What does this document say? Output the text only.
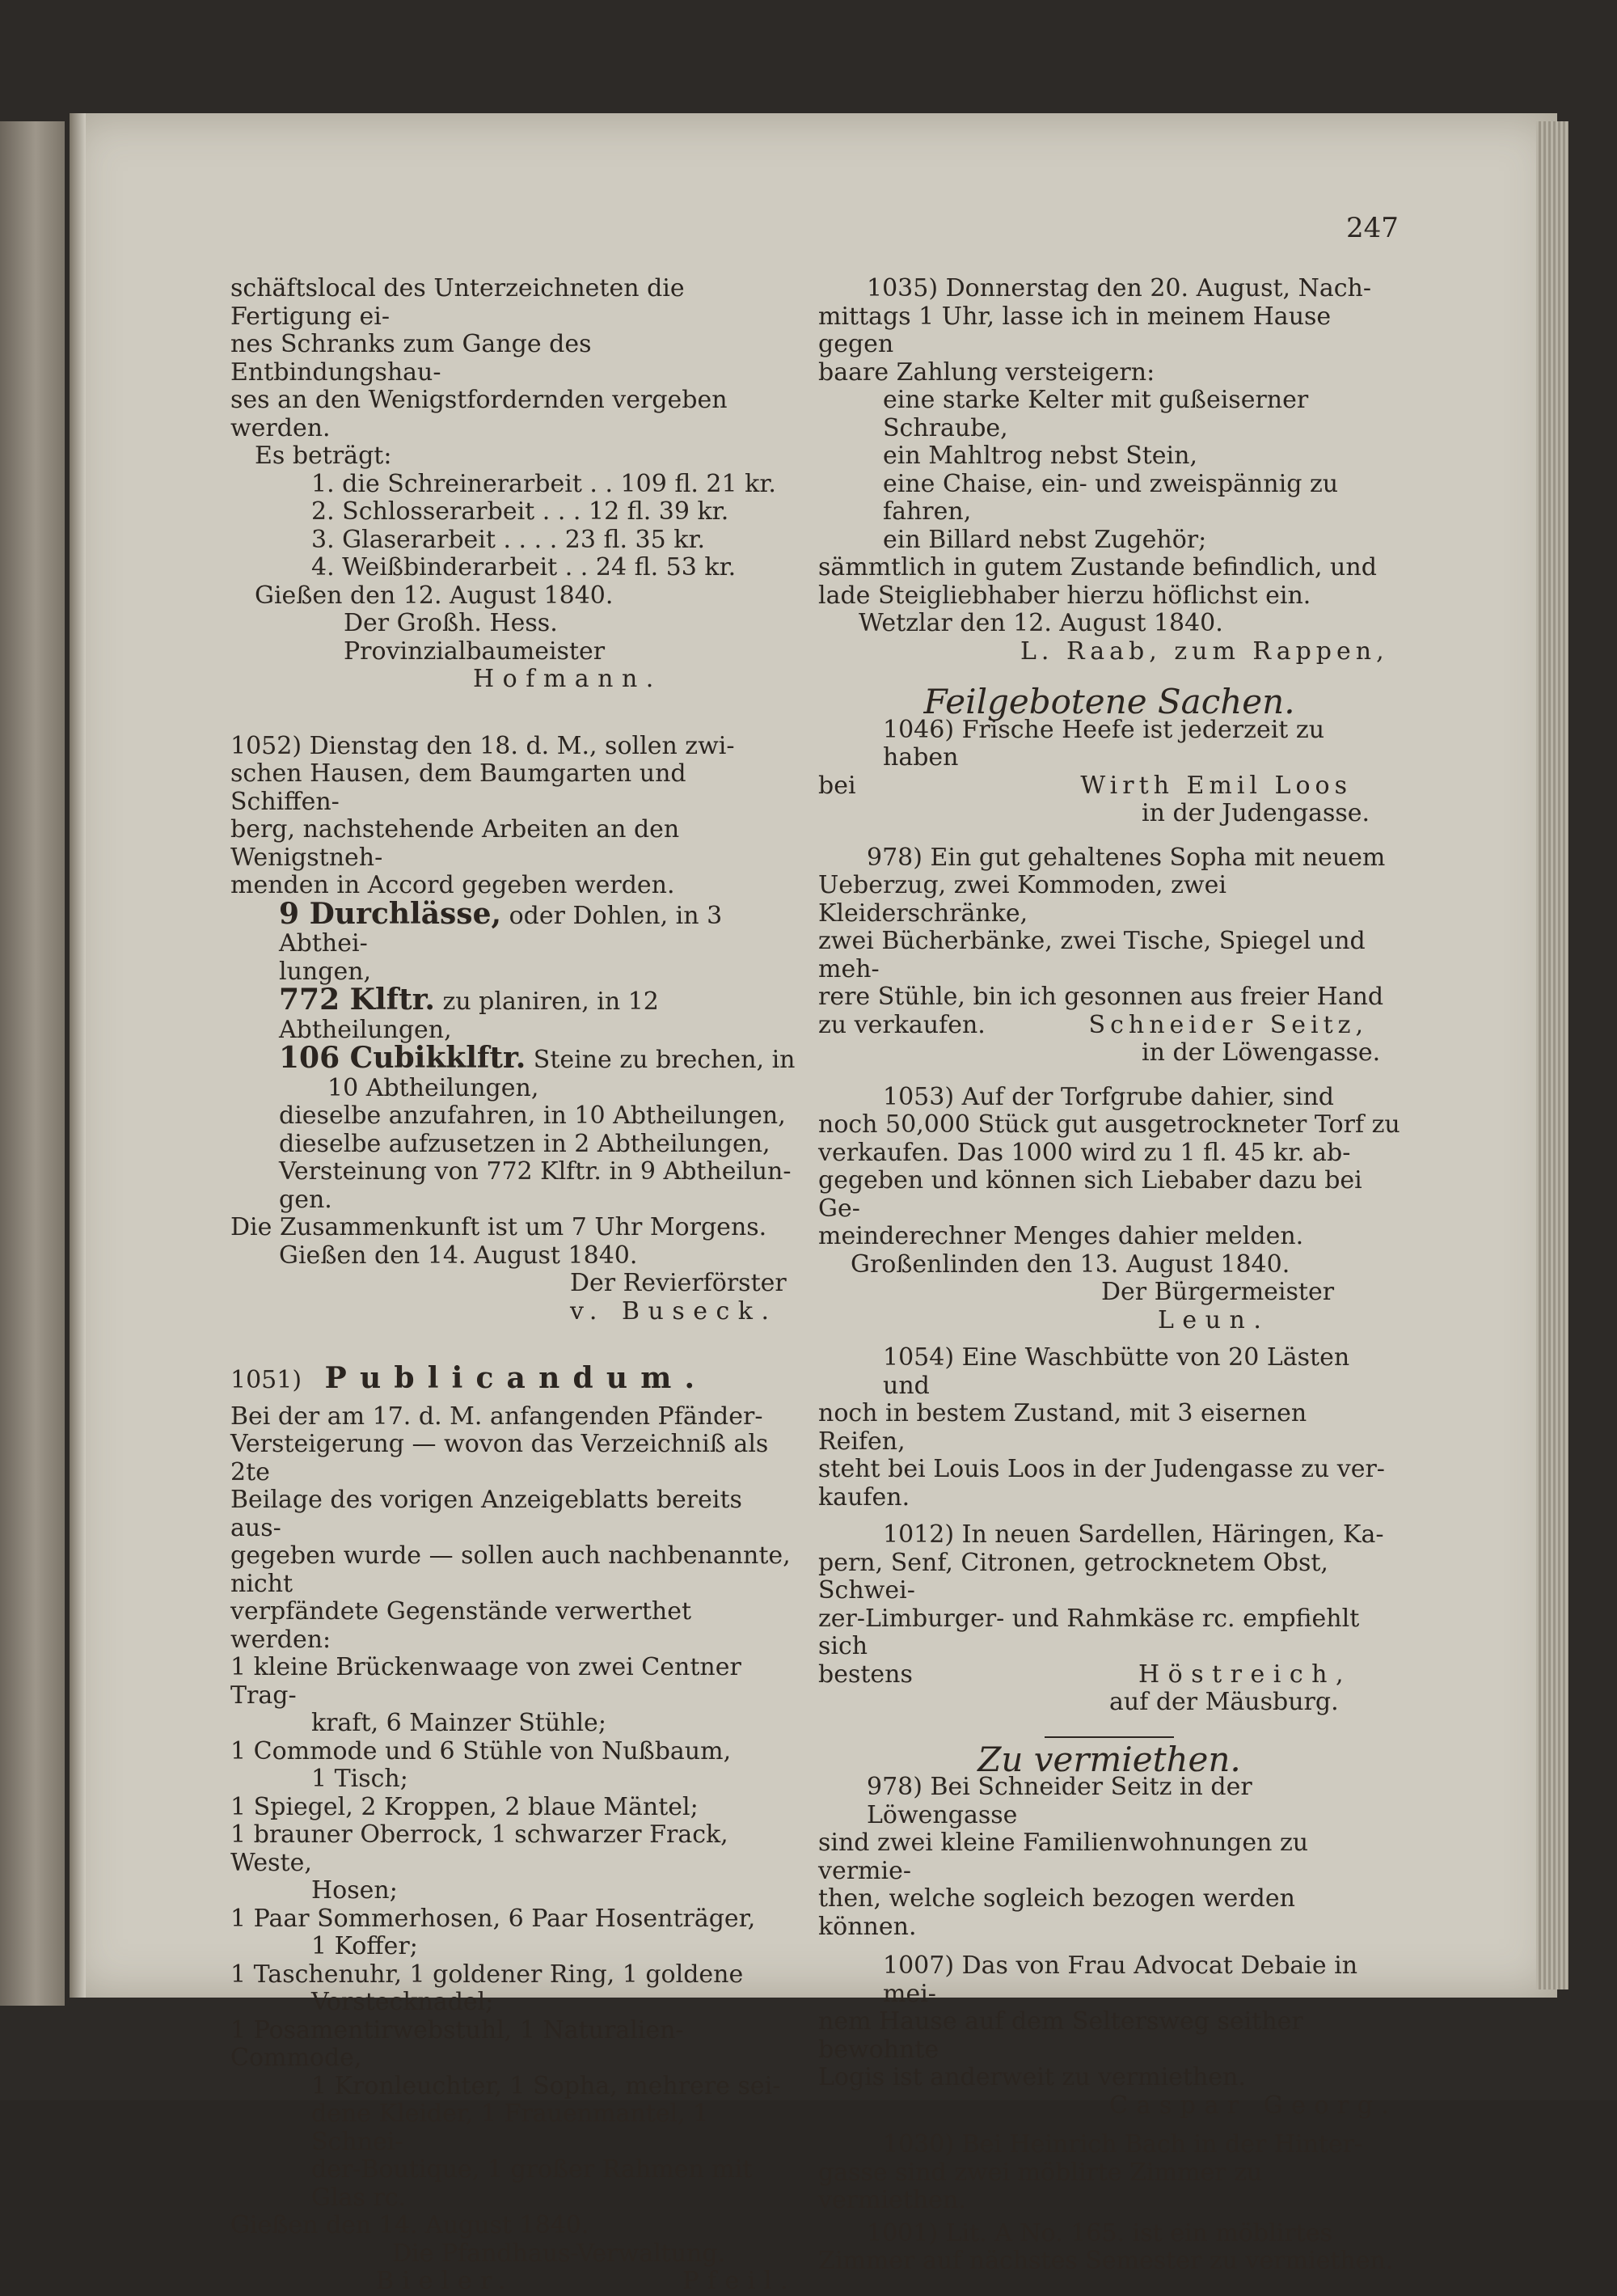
247

schäftslocal des Unterzeichneten die Fertigung ei-

nes Schranks zum Gange des Entbindungshau-

ses an den Wenigstfordernden vergeben werden.

Es beträgt:

1. die Schreinerarbeit . . 109 fl. 21 kr.

2. Schlosserarbeit . . . 12 fl. 39 kr.

3. Glaserarbeit . . . . 23 fl. 35 kr.

4. Weißbinderarbeit . . 24 fl. 53 kr.

Gießen den 12. August 1840.

Der Großh. Hess. Provinzialbaumeister

Hofmann.

1052) Dienstag den 18. d. M., sollen zwi-

schen Hausen, dem Baumgarten und Schiffen-

berg, nachstehende Arbeiten an den Wenigstneh-

menden in Accord gegeben werden.

9 Durchlässe, oder Dohlen, in 3 Abthei-

lungen,

772 Klftr. zu planiren, in 12 Abtheilungen,

106 Cubikklftr. Steine zu brechen, in

10 Abtheilungen,

dieselbe anzufahren, in 10 Abtheilungen,

dieselbe aufzusetzen in 2 Abtheilungen,

Versteinung von 772 Klftr. in 9 Abtheilun-

gen.

Die Zusammenkunft ist um 7 Uhr Morgens.

Gießen den 14. August 1840.

Der Revierförster

v. Buseck.

1051) Publicandum.

Bei der am 17. d. M. anfangenden Pfänder-

Versteigerung — wovon das Verzeichniß als 2te

Beilage des vorigen Anzeigeblatts bereits aus-

gegeben wurde — sollen auch nachbenannte, nicht

verpfändete Gegenstände verwerthet werden:

1 kleine Brückenwaage von zwei Centner Trag-

kraft, 6 Mainzer Stühle;

1 Commode und 6 Stühle von Nußbaum,

1 Tisch;

1 Spiegel, 2 Kroppen, 2 blaue Mäntel;

1 brauner Oberrock, 1 schwarzer Frack, Weste,

Hosen;

1 Paar Sommerhosen, 6 Paar Hosenträger,

1 Koffer;

1 Taschenuhr, 1 goldener Ring, 1 goldene

Vorstecknadel;

1 Posamentirwebstuhl, 1 Naturalien-Commode,

1 Kronleuchter, 1 Sopha, mehrere sei-

dene Kleider, 1 Frauenmantel, 1 Schnei-

der-Boutique, 1 großer Rahmen mit

Glas rc.

Gießen den 14. August 1840.

Die Pfandhaus-Verwaltung.

Bieler.	Pfeil.

1035) Donnerstag den 20. August, Nach-

mittags 1 Uhr, lasse ich in meinem Hause gegen

baare Zahlung versteigern:

eine starke Kelter mit gußeiserner Schraube,

ein Mahltrog nebst Stein,

eine Chaise, ein- und zweispännig zu fahren,

ein Billard nebst Zugehör;

sämmtlich in gutem Zustande befindlich, und

lade Steigliebhaber hierzu höflichst ein.

Wetzlar den 12. August 1840.

L. Raab, zum Rappen,

Feilgebotene Sachen.

1046) Frische Heefe ist jederzeit zu haben

bei	Wirth Emil Loos

in der Judengasse.

978) Ein gut gehaltenes Sopha mit neuem

Ueberzug, zwei Kommoden, zwei Kleiderschränke,

zwei Bücherbänke, zwei Tische, Spiegel und meh-

rere Stühle, bin ich gesonnen aus freier Hand

zu verkaufen.	Schneider Seitz,

in der Löwengasse.

1053) Auf der Torfgrube dahier, sind

noch 50,000 Stück gut ausgetrockneter Torf zu

verkaufen. Das 1000 wird zu 1 fl. 45 kr. ab-

gegeben und können sich Liebaber dazu bei Ge-

meinderechner Menges dahier melden.

Großenlinden den 13. August 1840.

Der Bürgermeister

Leun.

1054) Eine Waschbütte von 20 Lästen und

noch in bestem Zustand, mit 3 eisernen Reifen,

steht bei Louis Loos in der Judengasse zu ver-

kaufen.

1012) In neuen Sardellen, Häringen, Ka-

pern, Senf, Citronen, getrocknetem Obst, Schwei-

zer-Limburger- und Rahmkäse rc. empfiehlt sich

bestens	Höstreich,

auf der Mäusburg.

Zu vermiethen.

978) Bei Schneider Seitz in der Löwengasse

sind zwei kleine Familienwohnungen zu vermie-

then, welche sogleich bezogen werden können.

1007) Das von Frau Advocat Debaie in mei-

nem Hause auf dem Seltersweg seither bewohnte

Logis ist anderweit zu vermiethen.

Caspar Georg.

1030) Bei Heinrich Bach in der Hinter-

gasse sind zwei möblirte Zimmer zu vermiethen.

1001) Lit. A No. 165. ist ein möblirtes

Zimmer auf nächstes Semester zu vermiethen.
